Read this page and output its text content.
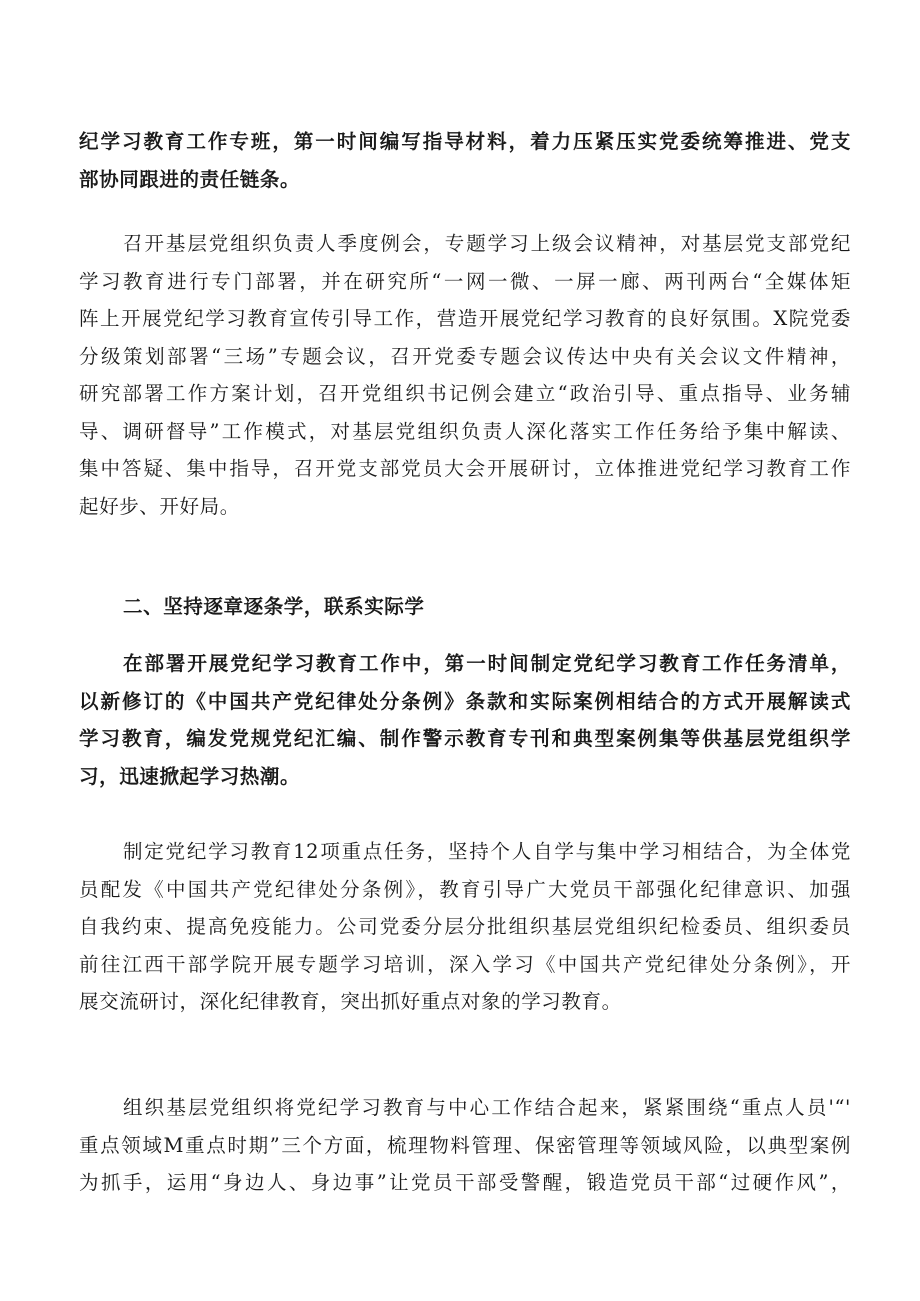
纪学习教育工作专班，第一时间编写指导材料，着力压紧压实党委统筹推进、党支
部协同跟进的责任链条。
召开基层党组织负责人季度例会，专题学习上级会议精神，对基层党支部党纪
学习教育进行专门部署，并在研究所“一网一微、一屏一廊、两刊两台“全媒体矩
阵上开展党纪学习教育宣传引导工作，营造开展党纪学习教育的良好氛围。X院党委
分级策划部署“三场”专题会议，召开党委专题会议传达中央有关会议文件精神，
研究部署工作方案计划，召开党组织书记例会建立“政治引导、重点指导、业务辅
导、调研督导”工作模式，对基层党组织负责人深化落实工作任务给予集中解读、
集中答疑、集中指导，召开党支部党员大会开展研讨，立体推进党纪学习教育工作
起好步、开好局。
二、坚持逐章逐条学，联系实际学
在部署开展党纪学习教育工作中，第一时间制定党纪学习教育工作任务清单，
以新修订的《中国共产党纪律处分条例》条款和实际案例相结合的方式开展解读式
学习教育，编发党规党纪汇编、制作警示教育专刊和典型案例集等供基层党组织学
习，迅速掀起学习热潮。
制定党纪学习教育12项重点任务，坚持个人自学与集中学习相结合，为全体党
员配发《中国共产党纪律处分条例》，教育引导广大党员干部强化纪律意识、加强
自我约束、提高免疫能力。公司党委分层分批组织基层党组织纪检委员、组织委员
前往江西干部学院开展专题学习培训，深入学习《中国共产党纪律处分条例》，开
展交流研讨，深化纪律教育，突出抓好重点对象的学习教育。
组织基层党组织将党纪学习教育与中心工作结合起来，紧紧围绕“重点人员'“'
重点领域M重点时期”三个方面，梳理物料管理、保密管理等领域风险，以典型案例
为抓手，运用“身边人、身边事”让党员干部受警醒，锻造党员干部“过硬作风”，
